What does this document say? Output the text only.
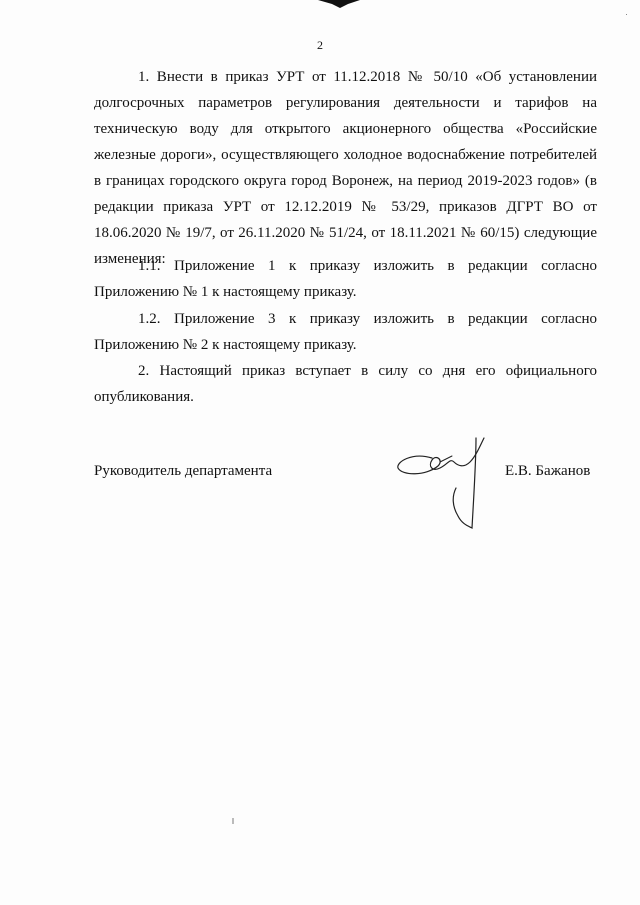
2

1. Внести в приказ УРТ от 11.12.2018 № 50/10 «Об установлении долгосрочных параметров регулирования деятельности и тарифов на техническую воду для открытого акционерного общества «Российские железные дороги», осуществляющего холодное водоснабжение потребителей в границах городского округа город Воронеж, на период 2019-2023 годов» (в редакции приказа УРТ от 12.12.2019 № 53/29, приказов ДГРТ ВО от 18.06.2020 № 19/7, от 26.11.2020 № 51/24, от 18.11.2021 № 60/15) следующие изменения:

1.1. Приложение 1 к приказу изложить в редакции согласно Приложению № 1 к настоящему приказу.

1.2. Приложение 3 к приказу изложить в редакции согласно Приложению № 2 к настоящему приказу.

2. Настоящий приказ вступает в силу со дня его официального опубликования.

Руководитель департамента	Е.В. Бажанов
